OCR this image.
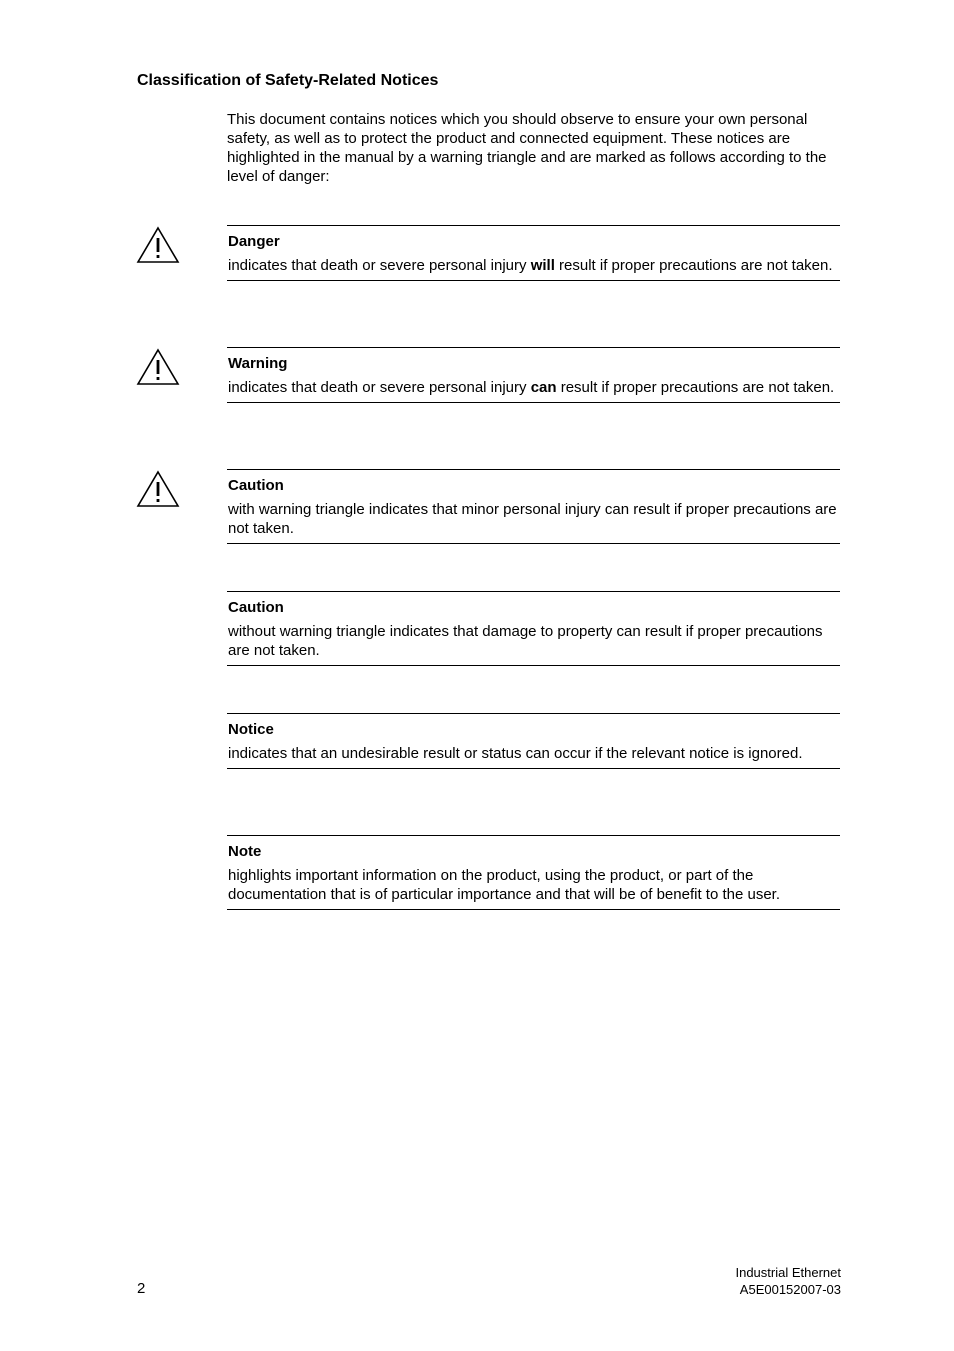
Classification of Safety-Related Notices
This document contains notices which you should observe to ensure your own personal safety, as well as to protect the product and connected equipment. These notices are highlighted in the manual by a warning triangle and are marked as follows according to the level of danger:
Danger
indicates that death or severe personal injury will result if proper precautions are not taken.
Warning
indicates that death or severe personal injury can result if proper precautions are not taken.
Caution
with warning triangle indicates that minor personal injury can result if proper precautions are not taken.
Caution
without warning triangle indicates that damage to property can result if proper precautions are not taken.
Notice
indicates that an undesirable result or status can occur if the relevant notice is ignored.
Note
highlights important information on the product, using the product, or part of the documentation that is of particular importance and that will be of benefit to the user.
2
Industrial Ethernet
A5E00152007-03
